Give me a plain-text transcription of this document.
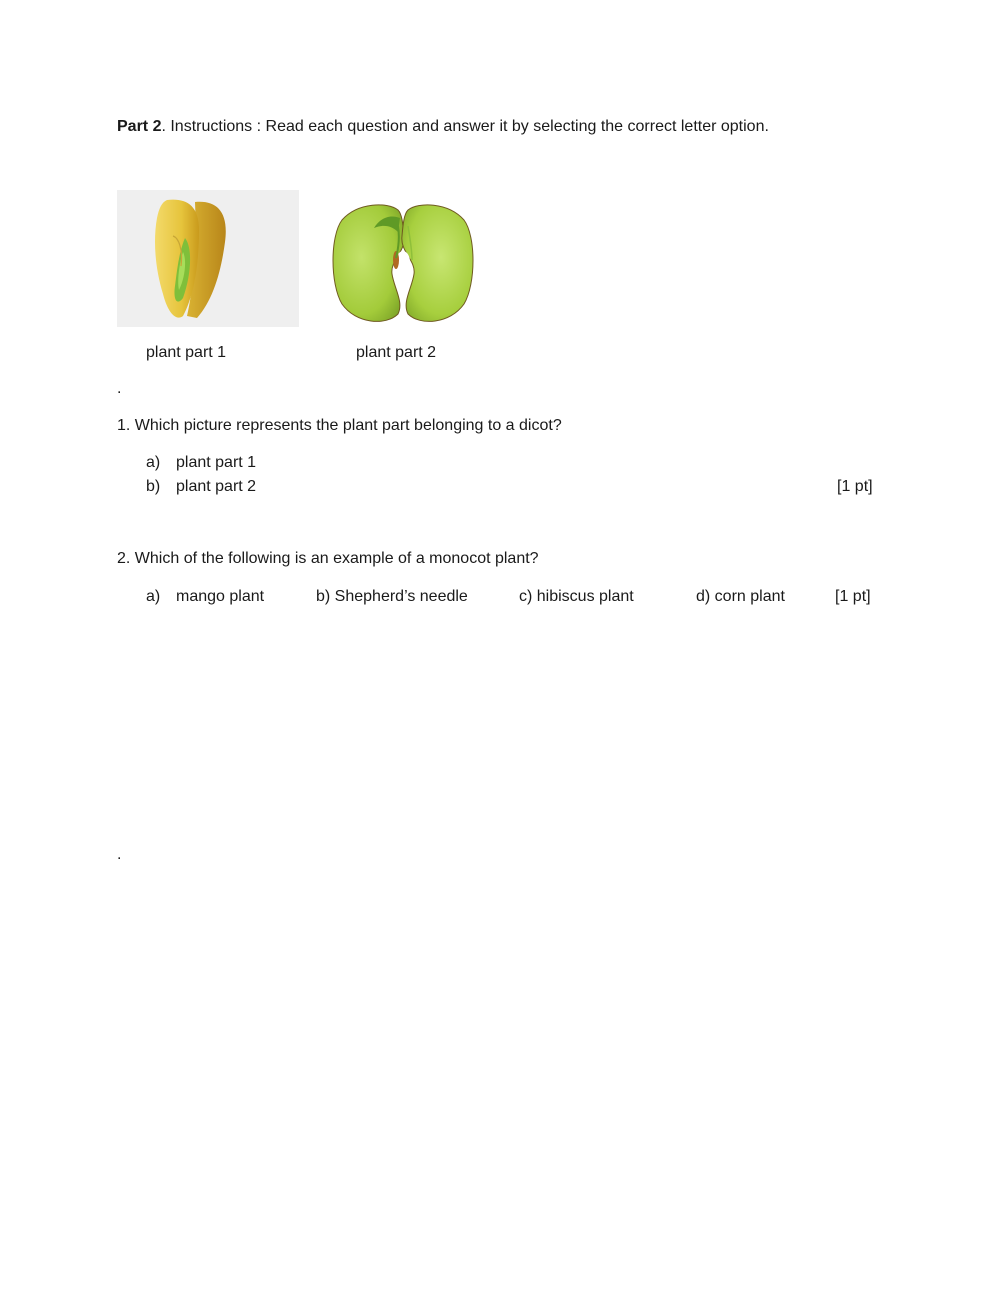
Part 2. Instructions : Read each question and answer it by selecting the correct letter option.
plant part 1	plant part 2
.
1. Which picture represents the plant part belonging to a dicot?
a) plant part 1
b) plant part 2	[1 pt]
2. Which of the following is an example of a monocot plant?
a) mango plant	b) Shepherd’s needle	c) hibiscus plant	d) corn plant	[1 pt]
.
